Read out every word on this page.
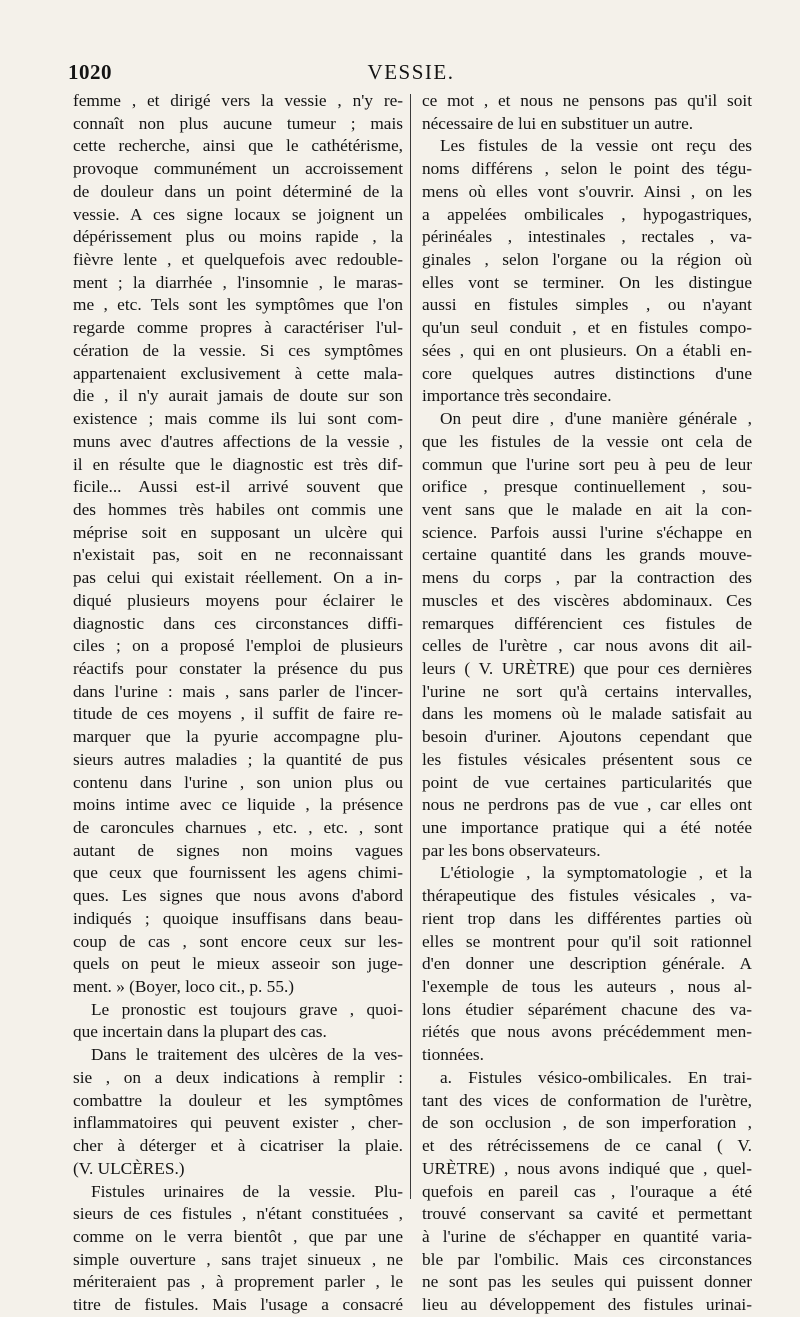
1020	VESSIE.
femme , et dirigé vers la vessie , n'y re-
connaît non plus aucune tumeur ; mais
cette recherche, ainsi que le cathétérisme,
provoque communément un accroissement
de douleur dans un point déterminé de la
vessie. A ces signe locaux se joignent un
dépérissement plus ou moins rapide , la
fièvre lente , et quelquefois avec redouble-
ment ; la diarrhée , l'insomnie , le maras-
me , etc. Tels sont les symptômes que l'on
regarde comme propres à caractériser l'ul-
cération de la vessie. Si ces symptômes
appartenaient exclusivement à cette mala-
die , il n'y aurait jamais de doute sur son
existence ; mais comme ils lui sont com-
muns avec d'autres affections de la vessie ,
il en résulte que le diagnostic est très dif-
ficile... Aussi est-il arrivé souvent que
des hommes très habiles ont commis une
méprise soit en supposant un ulcère qui
n'existait pas, soit en ne reconnaissant
pas celui qui existait réellement. On a in-
diqué plusieurs moyens pour éclairer le
diagnostic dans ces circonstances diffi-
ciles ; on a proposé l'emploi de plusieurs
réactifs pour constater la présence du pus
dans l'urine : mais , sans parler de l'incer-
titude de ces moyens , il suffit de faire re-
marquer que la pyurie accompagne plu-
sieurs autres maladies ; la quantité de pus
contenu dans l'urine , son union plus ou
moins intime avec ce liquide , la présence
de caroncules charnues , etc. , etc. , sont
autant de signes non moins vagues
que ceux que fournissent les agens chimi-
ques. Les signes que nous avons d'abord
indiqués ; quoique insuffisans dans beau-
coup de cas , sont encore ceux sur les-
quels on peut le mieux asseoir son juge-
ment. » (Boyer, loco cit., p. 55.)
Le pronostic est toujours grave , quoi-
que incertain dans la plupart des cas.
Dans le traitement des ulcères de la ves-
sie , on a deux indications à remplir :
combattre la douleur et les symptômes
inflammatoires qui peuvent exister , cher-
cher à déterger et à cicatriser la plaie.
(V. ULCÈRES.)
Fistules urinaires de la vessie. Plu-
sieurs de ces fistules , n'étant constituées ,
comme on le verra bientôt , que par une
simple ouverture , sans trajet sinueux , ne
mériteraient pas , à proprement parler , le
titre de fistules. Mais l'usage a consacré
ce mot , et nous ne pensons pas qu'il soit
nécessaire de lui en substituer un autre.
Les fistules de la vessie ont reçu des
noms différens , selon le point des tégu-
mens où elles vont s'ouvrir. Ainsi , on les
a appelées ombilicales , hypogastriques,
périnéales , intestinales , rectales , va-
ginales , selon l'organe ou la région où
elles vont se terminer. On les distingue
aussi en fistules simples , ou n'ayant
qu'un seul conduit , et en fistules compo-
sées , qui en ont plusieurs. On a établi en-
core quelques autres distinctions d'une
importance très secondaire.
On peut dire , d'une manière générale ,
que les fistules de la vessie ont cela de
commun que l'urine sort peu à peu de leur
orifice , presque continuellement , sou-
vent sans que le malade en ait la con-
science. Parfois aussi l'urine s'échappe en
certaine quantité dans les grands mouve-
mens du corps , par la contraction des
muscles et des viscères abdominaux. Ces
remarques différencient ces fistules de
celles de l'urètre , car nous avons dit ail-
leurs ( V. URÈTRE) que pour ces dernières
l'urine ne sort qu'à certains intervalles,
dans les momens où le malade satisfait au
besoin d'uriner. Ajoutons cependant que
les fistules vésicales présentent sous ce
point de vue certaines particularités que
nous ne perdrons pas de vue , car elles ont
une importance pratique qui a été notée
par les bons observateurs.
L'étiologie , la symptomatologie , et la
thérapeutique des fistules vésicales , va-
rient trop dans les différentes parties où
elles se montrent pour qu'il soit rationnel
d'en donner une description générale. A
l'exemple de tous les auteurs , nous al-
lons étudier séparément chacune des va-
riétés que nous avons précédemment men-
tionnées.
a. Fistules vésico-ombilicales. En trai-
tant des vices de conformation de l'urètre,
de son occlusion , de son imperforation ,
et des rétrécissemens de ce canal ( V.
URÈTRE) , nous avons indiqué que , quel-
quefois en pareil cas , l'ouraque a été
trouvé conservant sa cavité et permettant
à l'urine de s'échapper en quantité varia-
ble par l'ombilic. Mais ces circonstances
ne sont pas les seules qui puissent donner
lieu au développement des fistules urinai-
